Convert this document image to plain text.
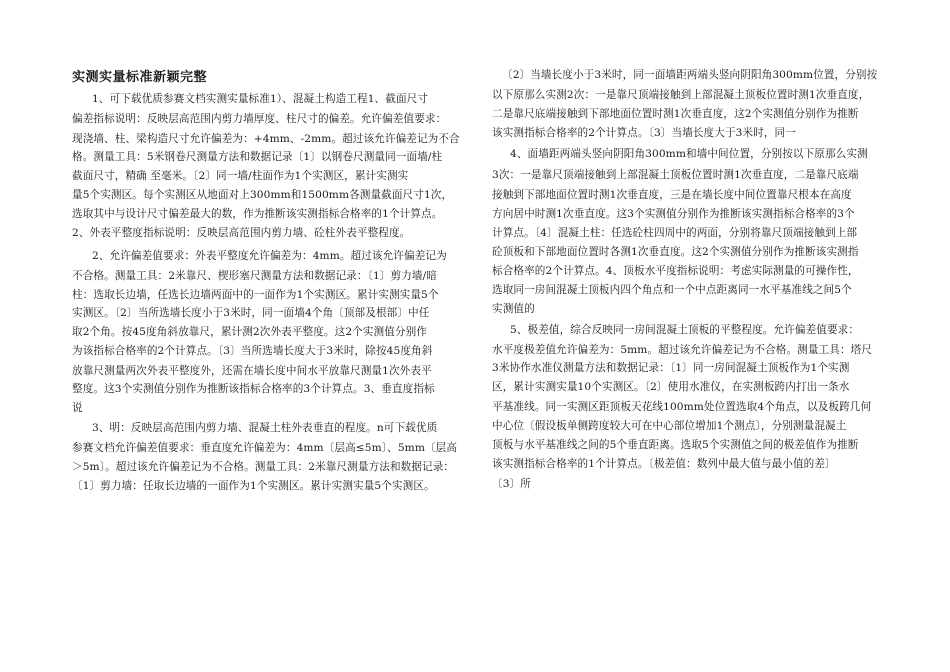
实测实量标准新颖完整
1、可下载优质参赛文档实测实量标准1）、混凝土构造工程1、截面尺寸
偏差指标说明：反映层高范围内剪力墙厚度、柱尺寸的偏差。允许偏差值要求：
现浇墙、柱、梁构造尺寸允许偏差为：+4mm、-2mm。超过该允许偏差记为不合
格。测量工具：5米钢卷尺测量方法和数据记录〔1〕以钢卷尺测量同一面墙/柱
截面尺寸，精确 至毫米。〔2〕同一墙/柱面作为1个实测区，累计实测实
量5个实测区。每个实测区从地面对上300mm和1500mm各测量截面尺寸1次，
选取其中与设计尺寸偏差最大的数，作为推断该实测指标合格率的1个计算点。
2、外表平整度指标说明：反映层高范围内剪力墙、砼柱外表平整程度。
2、允许偏差值要求：外表平整度允许偏差为：4mm。超过该允许偏差记为
不合格。测量工具：2米靠尺、楔形塞尺测量方法和数据记录：〔1〕剪力墙/暗
柱：选取长边墙，任选长边墙两面中的一面作为1个实测区。累计实测实量5个
实测区。〔2〕当所选墙长度小于3米时，同一面墙4个角〔顶部及根部〕中任
取2个角。按45度角斜放靠尺，累计测2次外表平整度。这2个实测值分别作
为该指标合格率的2个计算点。〔3〕当所选墙长度大于3米时，除按45度角斜
放靠尺测量两次外表平整度外，还需在墙长度中间水平放靠尺测量1次外表平
整度。这3个实测值分别作为推断该指标合格率的3个计算点。3、垂直度指标
说
3、明：反映层高范围内剪力墙、混凝土柱外表垂直的程度。n可下载优质
参赛文档允许偏差值要求：垂直度允许偏差为：4mm〔层高≤5m〕、5mm〔层高
＞5m〕。超过该允许偏差记为不合格。测量工具：2米靠尺测量方法和数据记录：
〔1〕剪力墙：任取长边墙的一面作为1个实测区。累计实测实量5个实测区。
〔2〕当墙长度小于3米时，同一面墙距两端头竖向阴阳角300mm位置，分别按
以下原那么实测2次：一是靠尺顶端接触到上部混凝土顶板位置时测1次垂直度，
二是靠尺底端接触到下部地面位置时测1次垂直度，这2个实测值分别作为推断
该实测指标合格率的2个计算点。〔3〕当墙长度大于3米时，同一
4、面墙距两端头竖向阴阳角300mm和墙中间位置，分别按以下原那么实测
3次：一是靠尺顶端接触到上部混凝土顶板位置时测1次垂直度，二是靠尺底端
接触到下部地面位置时测1次垂直度，三是在墙长度中间位置靠尺根本在高度
方向居中时测1次垂直度。这3个实测值分别作为推断该实测指标合格率的3个
计算点。〔4〕混凝土柱：任选砼柱四周中的两面，分别将靠尺顶端接触到上部
砼顶板和下部地面位置时各测1次垂直度。这2个实测值分别作为推断该实测指
标合格率的2个计算点。4、顶板水平度指标说明：考虑实际测量的可操作性，
选取同一房间混凝土顶板内四个角点和一个中点距离同一水平基准线之间5个
实测值的
5、极差值，综合反映同一房间混凝土顶板的平整程度。允许偏差值要求：
水平度极差值允许偏差为：5mm。超过该允许偏差记为不合格。测量工具：塔尺
3米协作水准仪测量方法和数据记录：〔1〕同一房间混凝土顶板作为1个实测
区，累计实测实量10个实测区。〔2〕使用水准仪，在实测板跨内打出一条水
平基准线。同一实测区距顶板天花线100mm处位置选取4个角点，以及板跨几何
中心位〔假设板单侧跨度较大可在中心部位增加1个测点〕，分别测量混凝土
顶板与水平基准线之间的5个垂直距离。选取5个实测值之间的极差值作为推断
该实测指标合格率的1个计算点。〔极差值：数列中最大值与最小值的差〕
〔3〕所
